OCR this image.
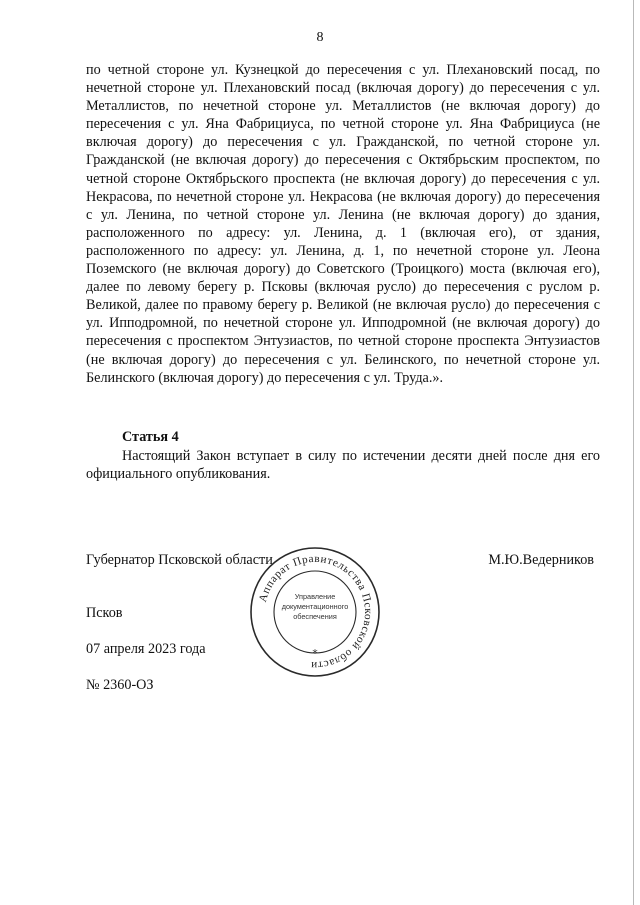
8

по четной стороне ул. Кузнецкой до пересечения с ул. Плехановский посад, по нечетной стороне ул. Плехановский посад (включая дорогу) до пересечения с ул. Металлистов, по нечетной стороне ул. Металлистов (не включая дорогу) до пересечения с ул. Яна Фабрициуса, по четной стороне ул. Яна Фабрициуса (не включая дорогу) до пересечения с ул. Гражданской, по четной стороне ул. Гражданской (не включая дорогу) до пересечения с Октябрьским проспектом, по четной стороне Октябрьского проспекта (не включая дорогу) до пересечения с ул. Некрасова, по нечетной стороне ул. Некрасова (не включая дорогу) до пересечения с ул. Ленина, по четной стороне ул. Ленина (не включая дорогу) до здания, расположенного по адресу: ул. Ленина, д. 1 (включая его), от здания, расположенного по адресу: ул. Ленина, д. 1, по нечетной стороне ул. Леона Поземского (не включая дорогу) до Советского (Троицкого) моста (включая его), далее по левому берегу р. Псковы (включая русло) до пересечения с руслом р. Великой, далее по правому берегу р. Великой (не включая русло) до пересечения с ул. Ипподромной, по нечетной стороне ул. Ипподромной (не включая дорогу) до пересечения с проспектом Энтузиастов, по четной стороне проспекта Энтузиастов (не включая дорогу) до пересечения с ул. Белинского, по нечетной стороне ул. Белинского (включая дорогу) до пересечения с ул. Труда.».

Статья 4

Настоящий Закон вступает в силу по истечении десяти дней после дня его официального опубликования.

Губернатор Псковской области	М.Ю.Ведерников
Аппарат Правительства Псковской области
Управление
документационного
обеспечения
*
Псков
07 апреля 2023 года
№ 2360-ОЗ
